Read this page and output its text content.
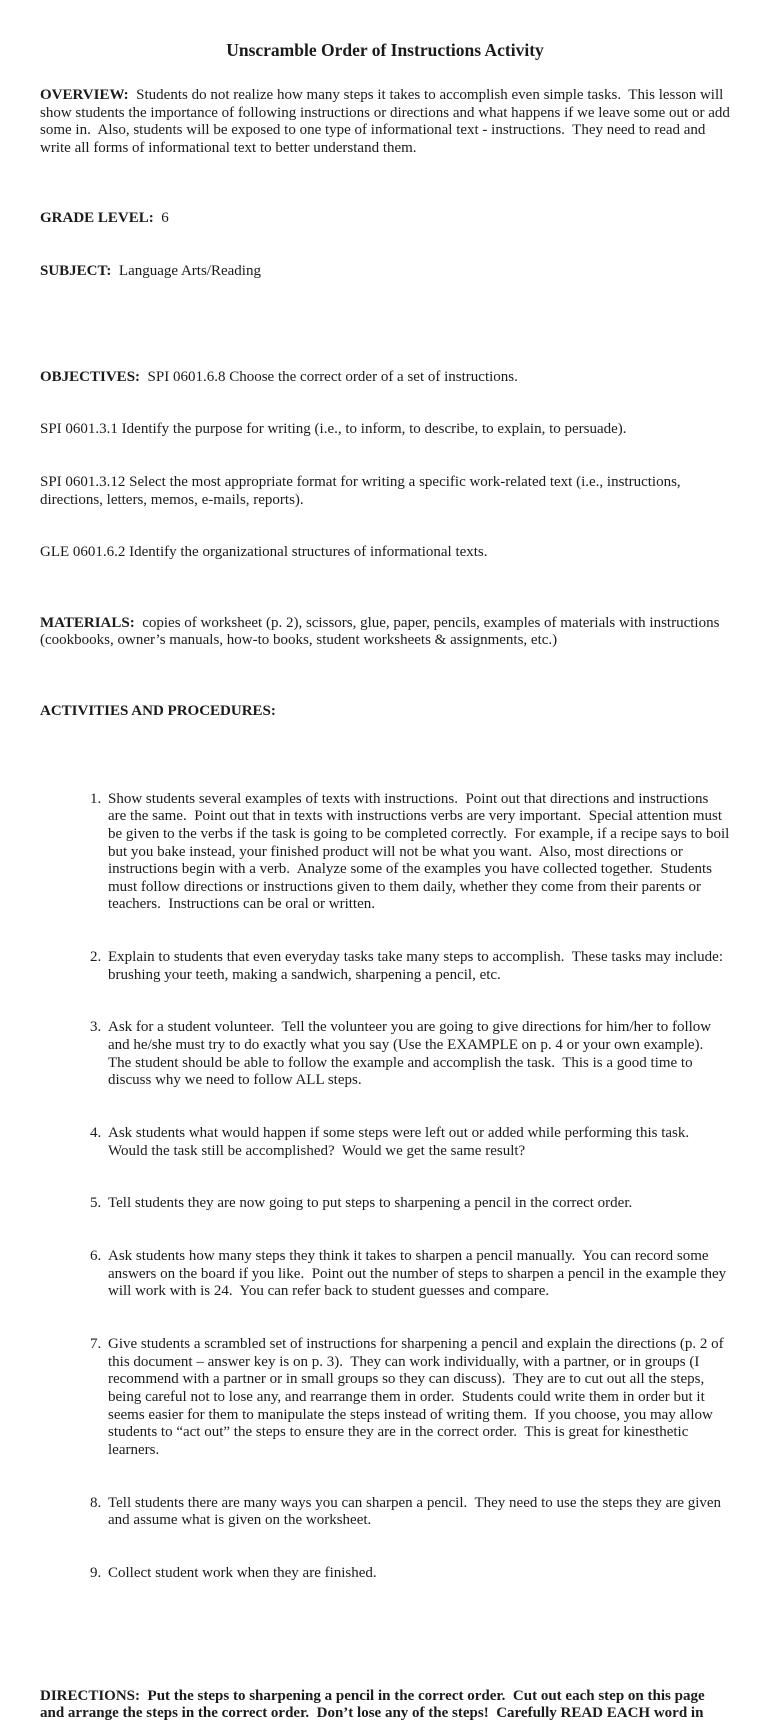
Unscramble Order of Instructions Activity

OVERVIEW:  Students do not realize how many steps it takes to accomplish even simple tasks.  This lesson will show students the importance of following instructions or directions and what happens if we leave some out or add some in.  Also, students will be exposed to one type of informational text - instructions.  They need to read and write all forms of informational text to better understand them.

GRADE LEVEL:  6

SUBJECT:  Language Arts/Reading

OBJECTIVES:  SPI 0601.6.8 Choose the correct order of a set of instructions.

SPI 0601.3.1 Identify the purpose for writing (i.e., to inform, to describe, to explain, to persuade).

SPI 0601.3.12 Select the most appropriate format for writing a specific work-related text (i.e., instructions, directions, letters, memos, e-mails, reports).

GLE 0601.6.2 Identify the organizational structures of informational texts.

MATERIALS:  copies of worksheet (p. 2), scissors, glue, paper, pencils, examples of materials with instructions (cookbooks, owner’s manuals, how-to books, student worksheets & assignments, etc.)

ACTIVITIES AND PROCEDURES:

1. Show students several examples of texts with instructions.  Point out that directions and instructions are the same.  Point out that in texts with instructions verbs are very important.  Special attention must be given to the verbs if the task is going to be completed correctly.  For example, if a recipe says to boil but you bake instead, your finished product will not be what you want.  Also, most directions or instructions begin with a verb.  Analyze some of the examples you have collected together.  Students must follow directions or instructions given to them daily, whether they come from their parents or teachers.  Instructions can be oral or written.

2. Explain to students that even everyday tasks take many steps to accomplish.  These tasks may include: brushing your teeth, making a sandwich, sharpening a pencil, etc.

3. Ask for a student volunteer.  Tell the volunteer you are going to give directions for him/her to follow and he/she must try to do exactly what you say (Use the EXAMPLE on p. 4 or your own example).  The student should be able to follow the example and accomplish the task.  This is a good time to discuss why we need to follow ALL steps.

4. Ask students what would happen if some steps were left out or added while performing this task.  Would the task still be accomplished?  Would we get the same result?

5. Tell students they are now going to put steps to sharpening a pencil in the correct order.

6. Ask students how many steps they think it takes to sharpen a pencil manually.  You can record some answers on the board if you like.  Point out the number of steps to sharpen a pencil in the example they will work with is 24.  You can refer back to student guesses and compare.

7. Give students a scrambled set of instructions for sharpening a pencil and explain the directions (p. 2 of this document – answer key is on p. 3).  They can work individually, with a partner, or in groups (I recommend with a partner or in small groups so they can discuss).  They are to cut out all the steps, being careful not to lose any, and rearrange them in order.  Students could write them in order but it seems easier for them to manipulate the steps instead of writing them.  If you choose, you may allow students to “act out” the steps to ensure they are in the correct order.  This is great for kinesthetic learners.

8. Tell students there are many ways you can sharpen a pencil.  They need to use the steps they are given and assume what is given on the worksheet.

9. Collect student work when they are finished.

DIRECTIONS:  Put the steps to sharpening a pencil in the correct order.  Cut out each step on this page and arrange the steps in the correct order.  Don’t lose any of the steps!  Carefully READ EACH word in
